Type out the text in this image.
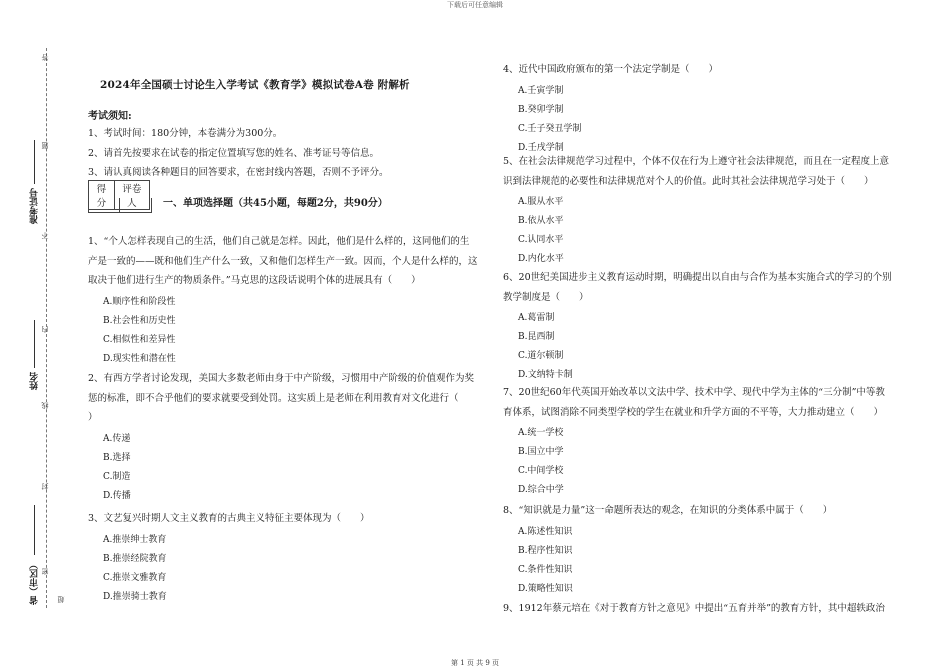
下载后可任意编辑
答
题
不
内
线
封
密
超
准考证号
姓名
省（市区）
2024年全国硕士讨论生入学考试《教育学》模拟试卷A卷 附解析
考试须知:
1、考试时间：180分钟，本卷满分为300分。
2、请首先按要求在试卷的指定位置填写您的姓名、准考证号等信息。
3、请认真阅读各种题目的回答要求，在密封线内答题，否则不予评分。
得分	评卷人	一、单项选择题（共45小题，每题2分，共90分）
1、“个人怎样表现自己的生活，他们自己就是怎样。因此，他们是什么样的，这同他们的生
产是一致的——既和他们生产什么一致，又和他们怎样生产一致。因而，个人是什么样的，这
取决于他们进行生产的物质条件。”马克思的这段话说明个体的进展具有（　　）
A.顺序性和阶段性
B.社会性和历史性
C.相似性和差异性
D.现实性和潜在性
2、有西方学者讨论发现，美国大多数老师由身于中产阶级，习惯用中产阶级的价值观作为奖
惩的标准，即不合乎他们的要求就要受到处罚。这实质上是老师在利用教育对文化进行（
）
A.传递
B.选择
C.制造
D.传播
3、文艺复兴时期人文主义教育的古典主义特征主要体现为（　　）
A.推崇绅士教育
B.推崇经院教育
C.推崇文雅教育
D.推崇骑士教育
4、近代中国政府颁布的第一个法定学制是（　　）
A.壬寅学制
B.癸卯学制
C.壬子癸丑学制
D.壬戌学制
5、在社会法律规范学习过程中，个体不仅在行为上遵守社会法律规范，而且在一定程度上意
识到法律规范的必要性和法律规范对个人的价值。此时其社会法律规范学习处于（　　）
A.服从水平
B.依从水平
C.认同水平
D.内化水平
6、20世纪美国进步主义教育运动时期，明确提出以自由与合作为基本实施合式的学习的个别
教学制度是（　　）
A.葛雷制
B.昆西制
C.道尔顿制
D.文纳特卡制
7、20世纪60年代英国开始改革以文法中学、技术中学、现代中学为主体的“三分制”中等教
育体系，试图消除不同类型学校的学生在就业和升学方面的不平等，大力推动建立（　　）
A.统一学校
B.国立中学
C.中间学校
D.综合中学
8、“知识就是力量”这一命题所表达的观念，在知识的分类体系中属于（　　）
A.陈述性知识
B.程序性知识
C.条件性知识
D.策略性知识
9、1912年蔡元培在《对于教育方针之意见》中提出“五育并举”的教育方针，其中超轶政治
第 1 页 共 9 页
